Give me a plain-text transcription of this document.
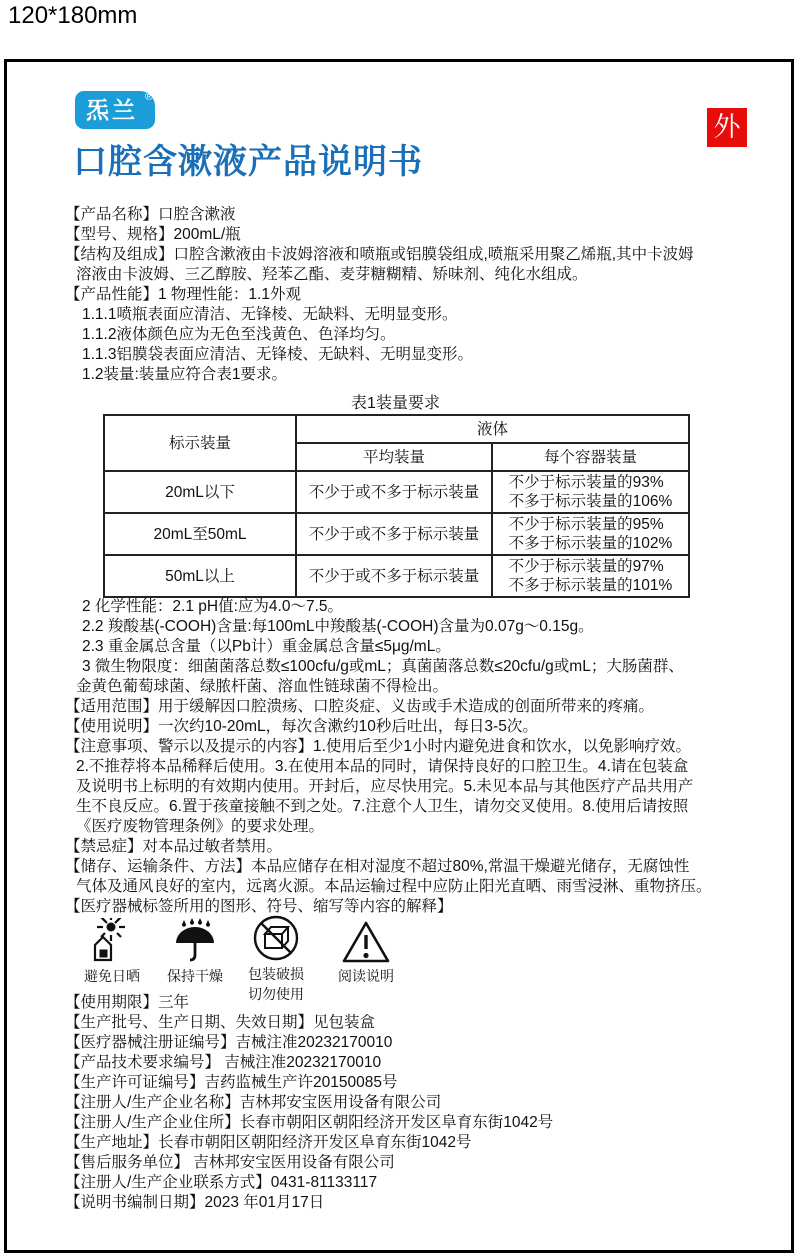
120*180mm
炁兰 ®
外
口腔含漱液产品说明书
【产品名称】口腔含漱液
【型号、规格】200mL/瓶
【结构及组成】口腔含漱液由卡波姆溶液和喷瓶或铝膜袋组成,喷瓶采用聚乙烯瓶,其中卡波姆
溶液由卡波姆、三乙醇胺、羟苯乙酯、麦芽糖糊精、矫味剂、纯化水组成。
【产品性能】1 物理性能：1.1外观
1.1.1喷瓶表面应清洁、无锋棱、无缺料、无明显变形。
1.1.2液体颜色应为无色至浅黄色、色泽均匀。
1.1.3铝膜袋表面应清洁、无锋棱、无缺料、无明显变形。
1.2装量:装量应符合表1要求。
表1装量要求
标示装量	液体	
	平均装量	每个容器装量
20mL以下	不少于或不多于标示装量	不少于标示装量的93%
不多于标示装量的106%

20mL至50mL	不少于或不多于标示装量	不少于标示装量的95%
不多于标示装量的102%

50mL以上	不少于或不多于标示装量	不少于标示装量的97%
不多于标示装量的101%
2 化学性能：2.1 pH值:应为4.0～7.5。
2.2 羧酸基(-COOH)含量:每100mL中羧酸基(-COOH)含量为0.07g～0.15g。
2.3 重金属总含量（以Pb计）重金属总含量≤5μg/mL。
3 微生物限度：细菌菌落总数≤100cfu/g或mL；真菌菌落总数≤20cfu/g或mL；大肠菌群、
金黄色葡萄球菌、绿脓杆菌、溶血性链球菌不得检出。
【适用范围】用于缓解因口腔溃疡、口腔炎症、义齿或手术造成的创面所带来的疼痛。
【使用说明】一次约10-20mL，每次含漱约10秒后吐出，每日3-5次。
【注意事项、警示以及提示的内容】1.使用后至少1小时内避免进食和饮水，以免影响疗效。
2.不推荐将本品稀释后使用。3.在使用本品的同时，请保持良好的口腔卫生。4.请在包装盒
及说明书上标明的有效期内使用。开封后，应尽快用完。5.未见本品与其他医疗产品共用产
生不良反应。6.置于孩童接触不到之处。7.注意个人卫生，请勿交叉使用。8.使用后请按照
《医疗废物管理条例》的要求处理。
【禁忌症】对本品过敏者禁用。
【储存、运输条件、方法】本品应储存在相对湿度不超过80%,常温干燥避光储存，无腐蚀性
气体及通风良好的室内，远离火源。本品运输过程中应防止阳光直晒、雨雪浸淋、重物挤压。
【医疗器械标签所用的图形、符号、缩写等内容的解释】
避免日晒 保持干燥 包装破损
切勿使用
阅读说明
【使用期限】三年
【生产批号、生产日期、失效日期】见包装盒
【医疗器械注册证编号】吉械注准20232170010
【产品技术要求编号】 吉械注准20232170010
【生产许可证编号】吉药监械生产许20150085号
【注册人/生产企业名称】吉林邦安宝医用设备有限公司
【注册人/生产企业住所】长春市朝阳区朝阳经济开发区阜育东街1042号
【生产地址】长春市朝阳区朝阳经济开发区阜育东街1042号
【售后服务单位】 吉林邦安宝医用设备有限公司
【注册人/生产企业联系方式】0431-81133117
【说明书编制日期】2023 年01月17日
